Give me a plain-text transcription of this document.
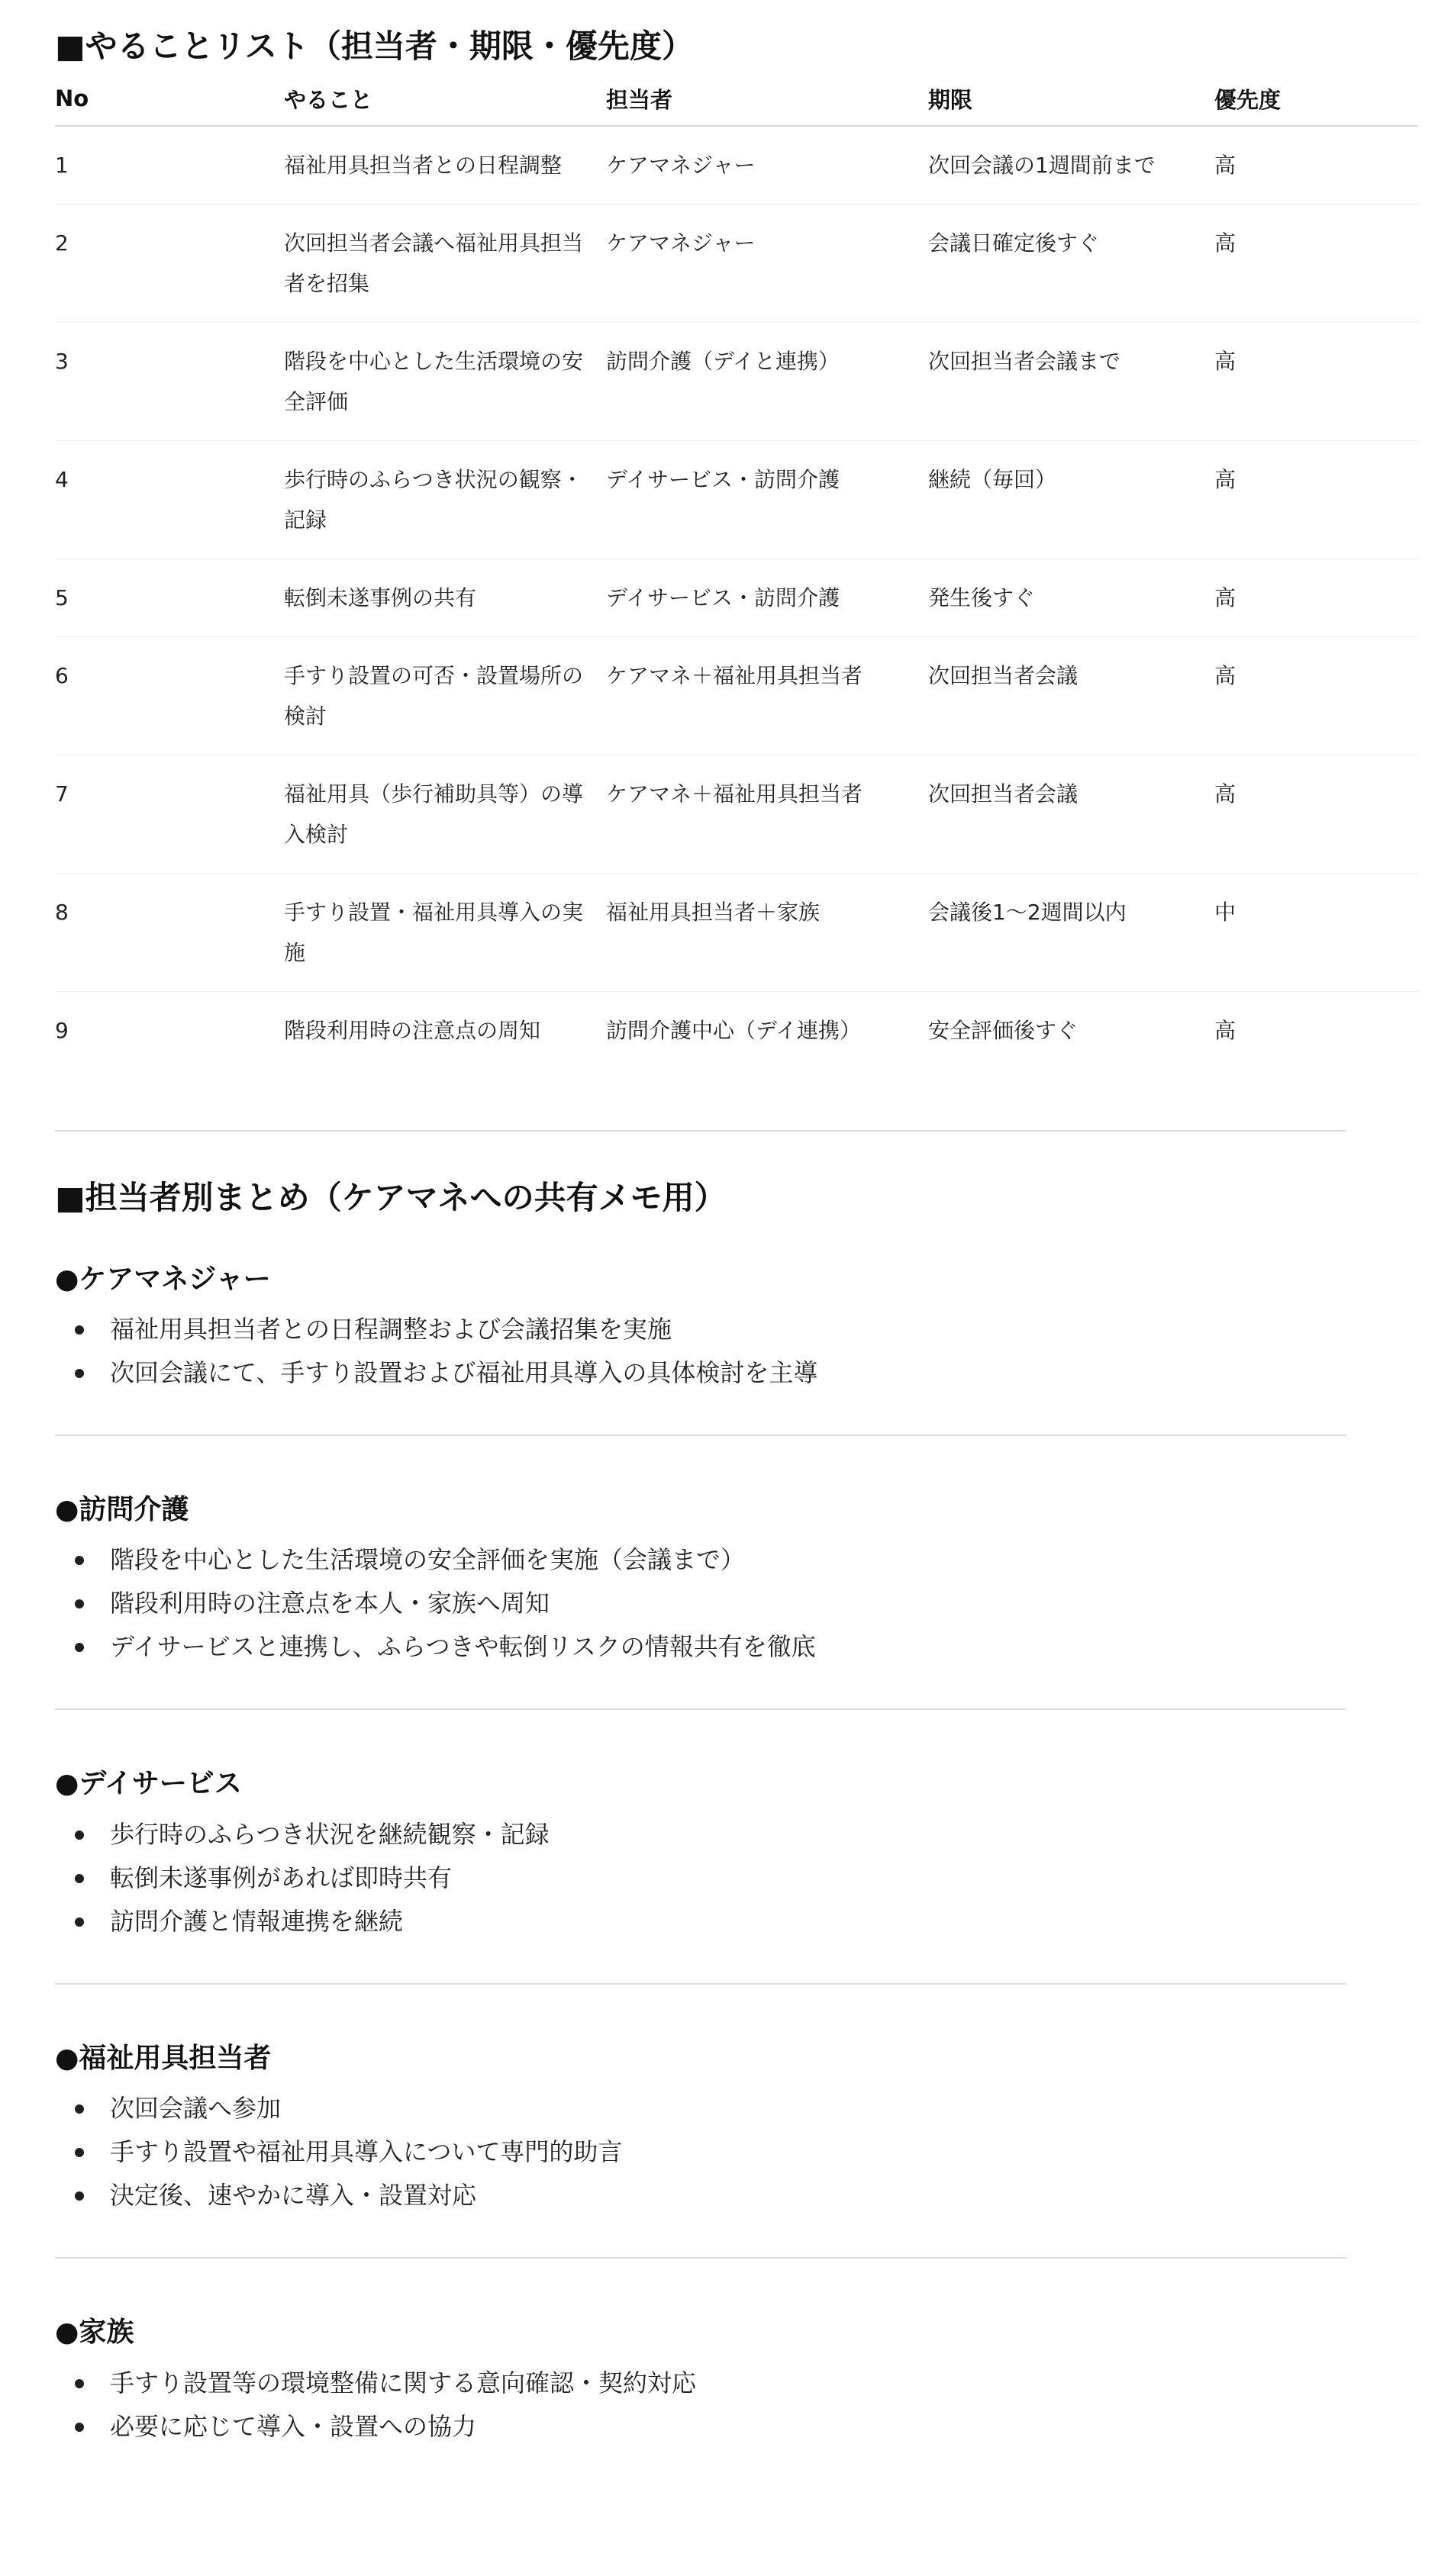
■やることリスト（担当者・期限・優先度）
No	やること	担当者	期限	優先度
1	福祉用具担当者との日程調整	ケアマネジャー	次回会議の1週間前まで	高
2	次回担当者会議へ福祉用具担当者を招集	ケアマネジャー	会議日確定後すぐ	高
3	階段を中心とした生活環境の安全評価	訪問介護（デイと連携）	次回担当者会議まで	高
4	歩行時のふらつき状況の観察・記録	デイサービス・訪問介護	継続（毎回）	高
5	転倒未遂事例の共有	デイサービス・訪問介護	発生後すぐ	高
6	手すり設置の可否・設置場所の検討	ケアマネ＋福祉用具担当者	次回担当者会議	高
7	福祉用具（歩行補助具等）の導入検討	ケアマネ＋福祉用具担当者	次回担当者会議	高
8	手すり設置・福祉用具導入の実施	福祉用具担当者＋家族	会議後1〜2週間以内	中
9	階段利用時の注意点の周知	訪問介護中心（デイ連携）	安全評価後すぐ	高
■担当者別まとめ（ケアマネへの共有メモ用）
●ケアマネジャー
福祉用具担当者との日程調整および会議招集を実施
次回会議にて、手すり設置および福祉用具導入の具体検討を主導
●訪問介護
階段を中心とした生活環境の安全評価を実施（会議まで）
階段利用時の注意点を本人・家族へ周知
デイサービスと連携し、ふらつきや転倒リスクの情報共有を徹底
●デイサービス
歩行時のふらつき状況を継続観察・記録
転倒未遂事例があれば即時共有
訪問介護と情報連携を継続
●福祉用具担当者
次回会議へ参加
手すり設置や福祉用具導入について専門的助言
決定後、速やかに導入・設置対応
●家族
手すり設置等の環境整備に関する意向確認・契約対応
必要に応じて導入・設置への協力
